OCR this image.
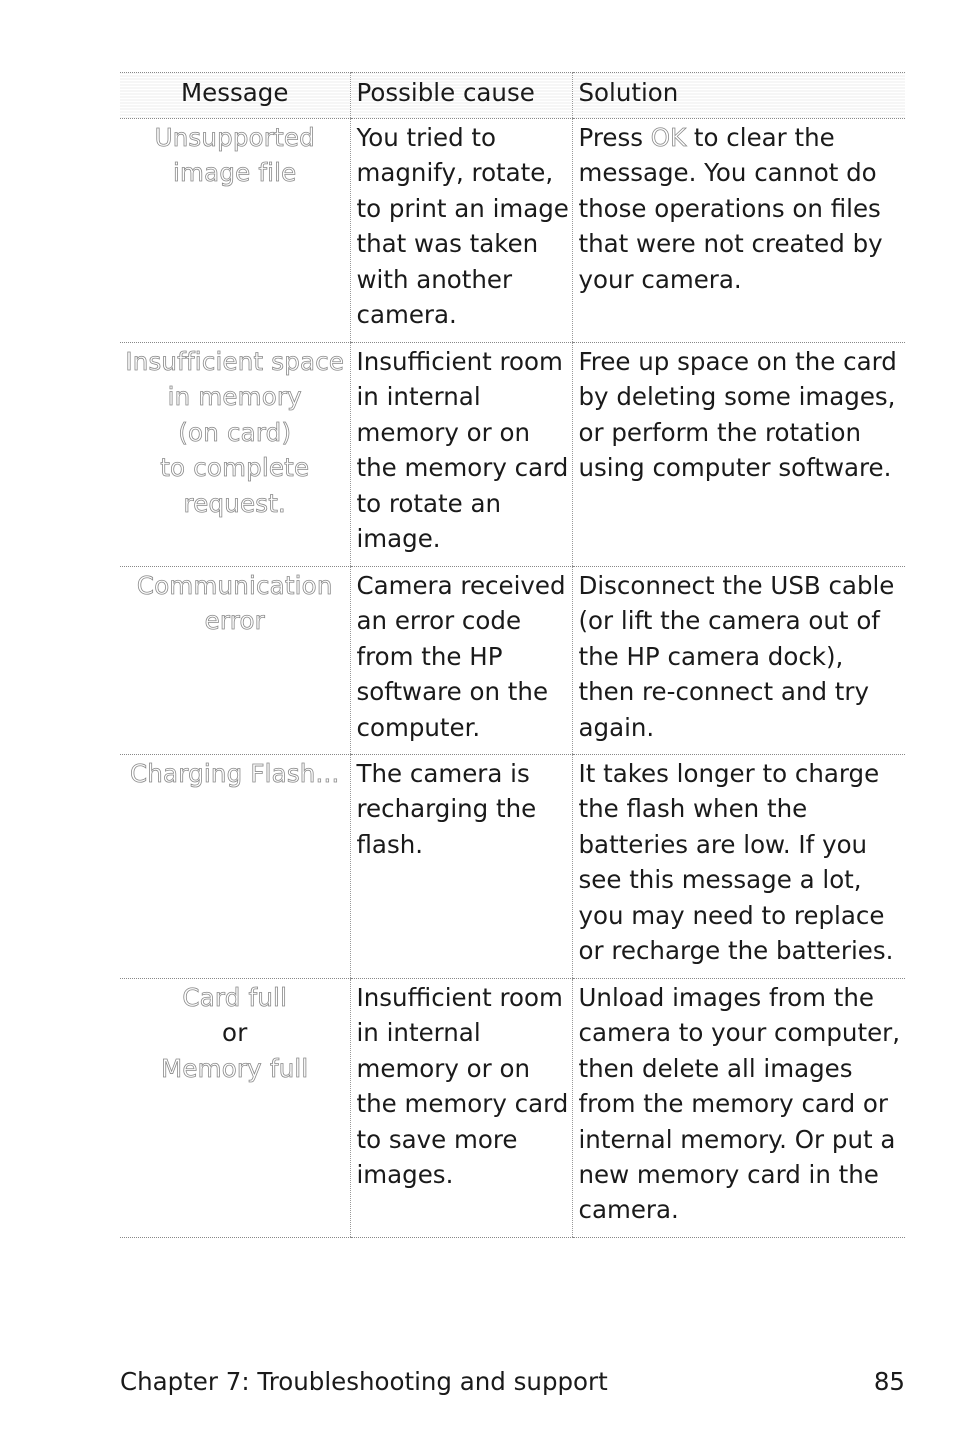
Message	Possible cause	Solution

Unsupported
image file	You tried to magnify, rotate, to print an image that was taken with another camera.	Press OK to clear the message. You cannot do those operations on files that were not created by your camera.

Insufficient space
in memory
(on card)
to complete
request.	Insufficient room in internal memory or on the memory card to rotate an image.	Free up space on the card by deleting some images, or perform the rotation using computer software.

Communication
error	Camera received an error code from the HP software on the computer.	Disconnect the USB cable (or lift the camera out of the HP camera dock), then re-connect and try again.

Charging Flash...	The camera is recharging the flash.	It takes longer to charge the flash when the batteries are low. If you see this message a lot, you may need to replace or recharge the batteries.

Card full
or
Memory full	Insufficient room in internal memory or on the memory card to save more images.	Unload images from the camera to your computer, then delete all images from the memory card or internal memory. Or put a new memory card in the camera.
Chapter 7: Troubleshooting and support	85
